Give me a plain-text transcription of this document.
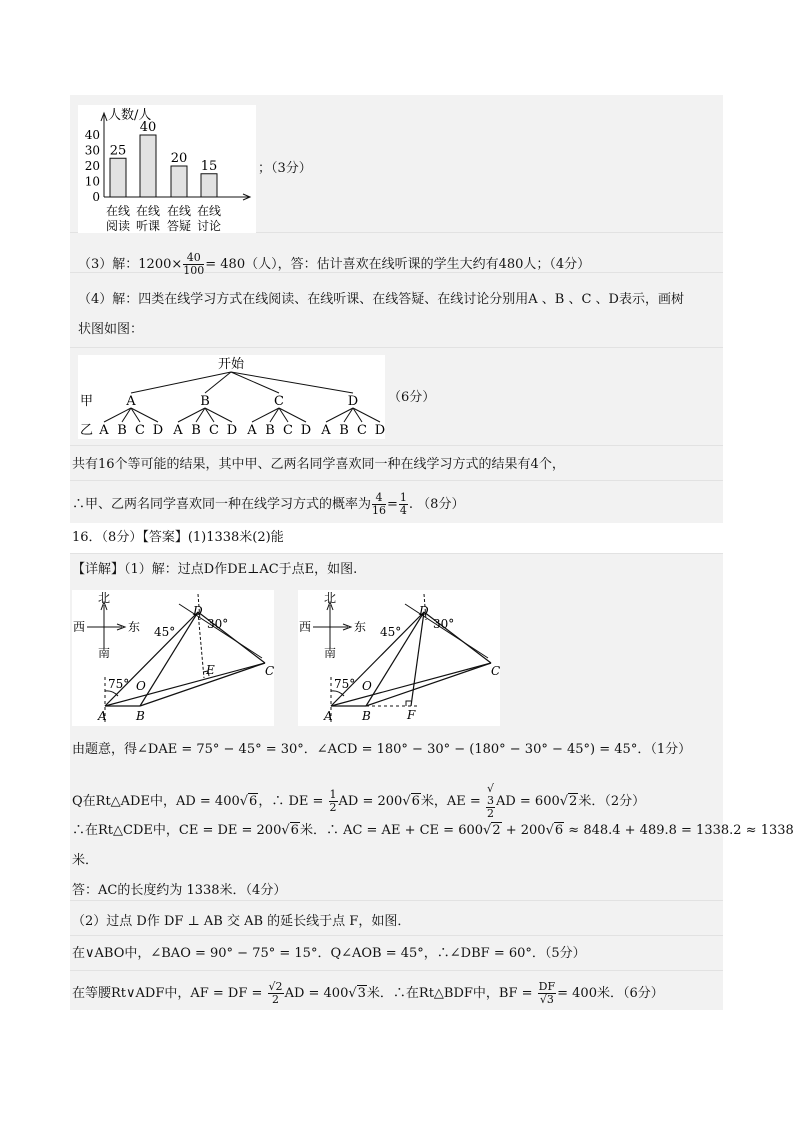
0
10
20
30
40
25
40
20
15
在线
阅读
在线
听课
在线
答疑
在线
讨论
人数/人
；（3分）
（3）解：$1200\times \frac{40}{100} = 480$（人），答：估计喜欢在线听课的学生大约有480人；（4分）
（4）解：四类在线学习方式在线阅读、在线听课、在线答疑、在线讨论分别用A 、B 、C 、D表示，画树
状图如图：
开始
甲
乙
A
A B C D
B
A B C D
C
A B C D
D
A B C D
（6分）
共有16个等可能的结果，其中甲、乙两名同学喜欢同一种在线学习方式的结果有4个，
∴甲、乙两名同学喜欢同一种在线学习方式的概率为 $\frac{4}{16} = \frac{1}{4}$ . （8分）
16．（8分）【答案】(1)1338米(2)能
【详解】（1）解：过点D作DE⊥AC于点E，如图.
北
南
西	东
E
75°
45°
30°
A B
C
D
O
北
南
西	东
F
75°
45°
30°
A B
C
D
O
由题意，得∠DAE = 75° − 45° = 30°．∠ACD = 180° − 30° − (180° − 30° − 45°) = 45°．（1分）
Q在Rt△ADE中，AD = 400√6，∴ DE = $\frac{1}{2}$ AD = 200√6米，AE = √
3
2 AD = 600√2米．（2分）
∴在Rt△CDE中，CE = DE = 200√6米．∴ AC = AE + CE = 600√2 + 200√6 ≈ 848.4 + 489.8 = 1338.2 ≈ 1338
米．
答：AC的长度约为 1338米．（4分）
（2）过点 D作 DF ⊥ AB 交 AB 的延长线于点 F，如图．
在∨ABO中，∠BAO = 90° − 75° = 15°．Q∠AOB = 45°，∴∠DBF = 60°．（5分）
在等腰Rt∨ADF中，AF = DF = $\frac{√2}{2}$ AD = 400√3米．∴在Rt△BDF中，BF = $\frac{DF}{√3} = 400$米．（6分）
